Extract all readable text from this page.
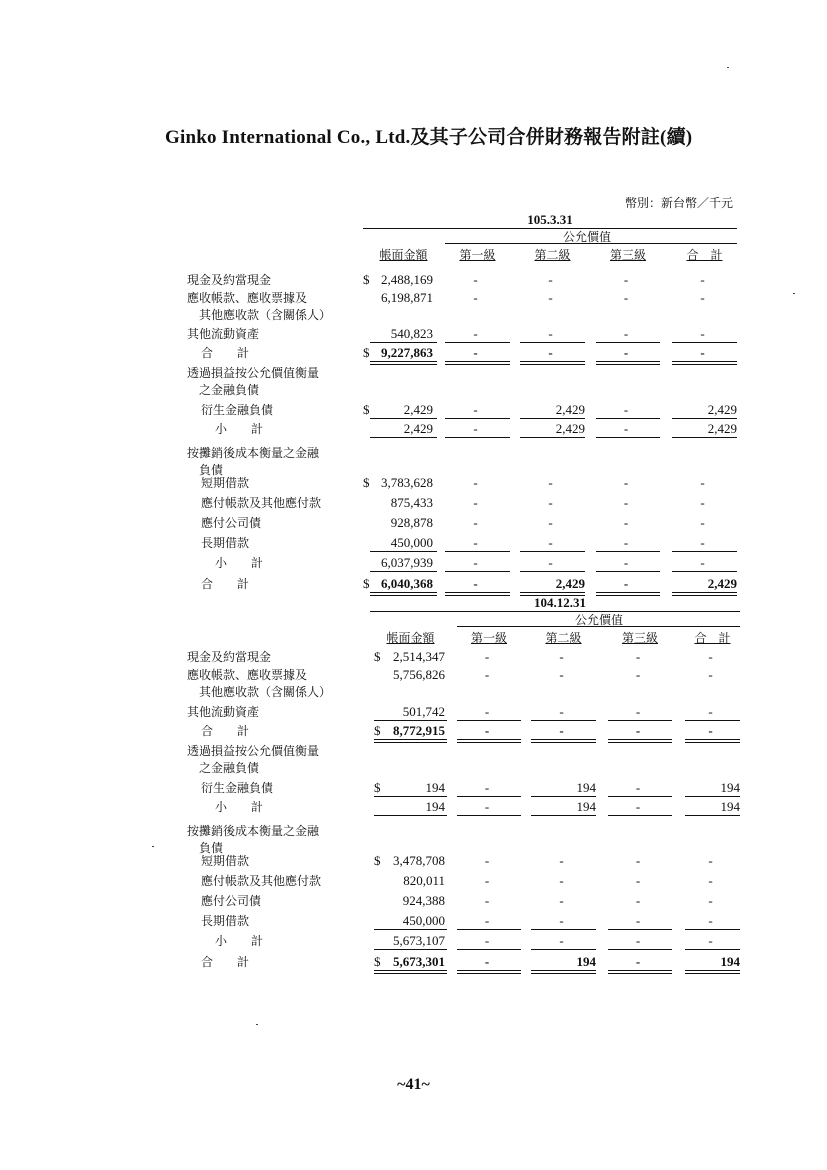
Ginko International Co., Ltd.及其子公司合併財務報告附註(續)
幣別：新台幣／千元
105.3.31
公允價值
帳面金額	第一級	第二級	第三級	合　計
現金及約當現金	$ 2,488,169	-	-	-	-
應收帳款、應收票據及
其他應收款（含關係人）
6,198,871	-	-	-	-
其他流動資產	540,823	-	-	-	-
合　　計	$ 9,227,863	-	-	-	-
透過損益按公允價值衡量
之金融負債
衍生金融負債	$	2,429	-	2,429	-	2,429
小　　計	2,429	-	2,429	-	2,429
按攤銷後成本衡量之金融
負債
短期借款	$ 3,783,628	-	-	-	-
應付帳款及其他應付款	875,433	-	-	-	-
應付公司債	928,878	-	-	-	-
長期借款	450,000	-	-	-	-
小　　計	6,037,939	-	-	-	-
合　　計	$ 6,040,368	-	2,429	-	2,429
104.12.31
公允價值
帳面金額	第一級	第二級	第三級	合　計
現金及約當現金	$ 2,514,347	-	-	-	-
應收帳款、應收票據及
其他應收款（含關係人）
5,756,826	-	-	-	-
其他流動資產	501,742	-	-	-	-
合　　計	$ 8,772,915	-	-	-	-
透過損益按公允價值衡量
之金融負債
衍生金融負債	$	194	-	194	-	194
小　　計	194	-	194	-	194
按攤銷後成本衡量之金融
負債
短期借款	$ 3,478,708	-	-	-	-
應付帳款及其他應付款	820,011	-	-	-	-
應付公司債	924,388	-	-	-	-
長期借款	450,000	-	-	-	-
小　　計	5,673,107	-	-	-	-
合　　計	$ 5,673,301	-	194	-	194
~41~
